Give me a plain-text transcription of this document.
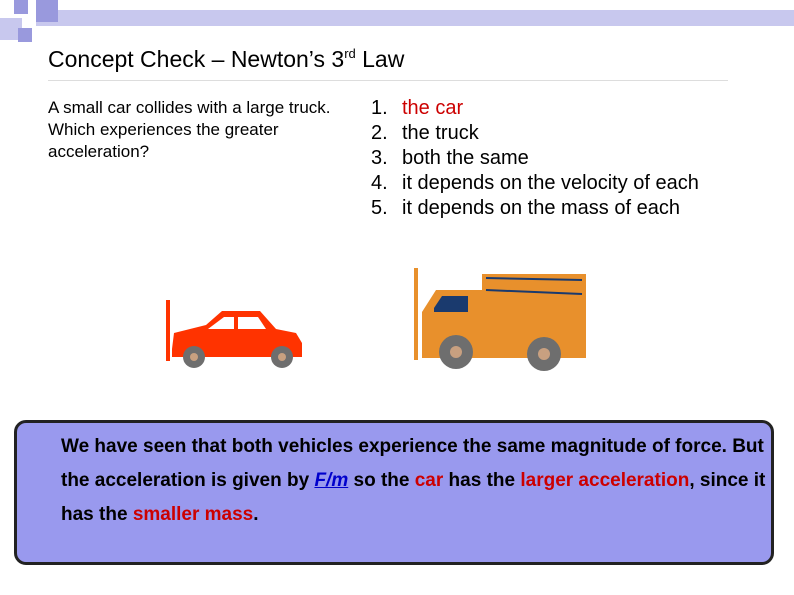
Concept Check – Newton’s 3rd Law
A small car collides with a large truck. Which experiences the greater acceleration?
1. the car
2. the truck
3. both the same
4. it depends on the velocity of each
5. it depends on the mass of each
We have seen that both vehicles experience the same magnitude of force. But the acceleration is given by F/m so the car has the larger acceleration, since it has the smaller mass.
